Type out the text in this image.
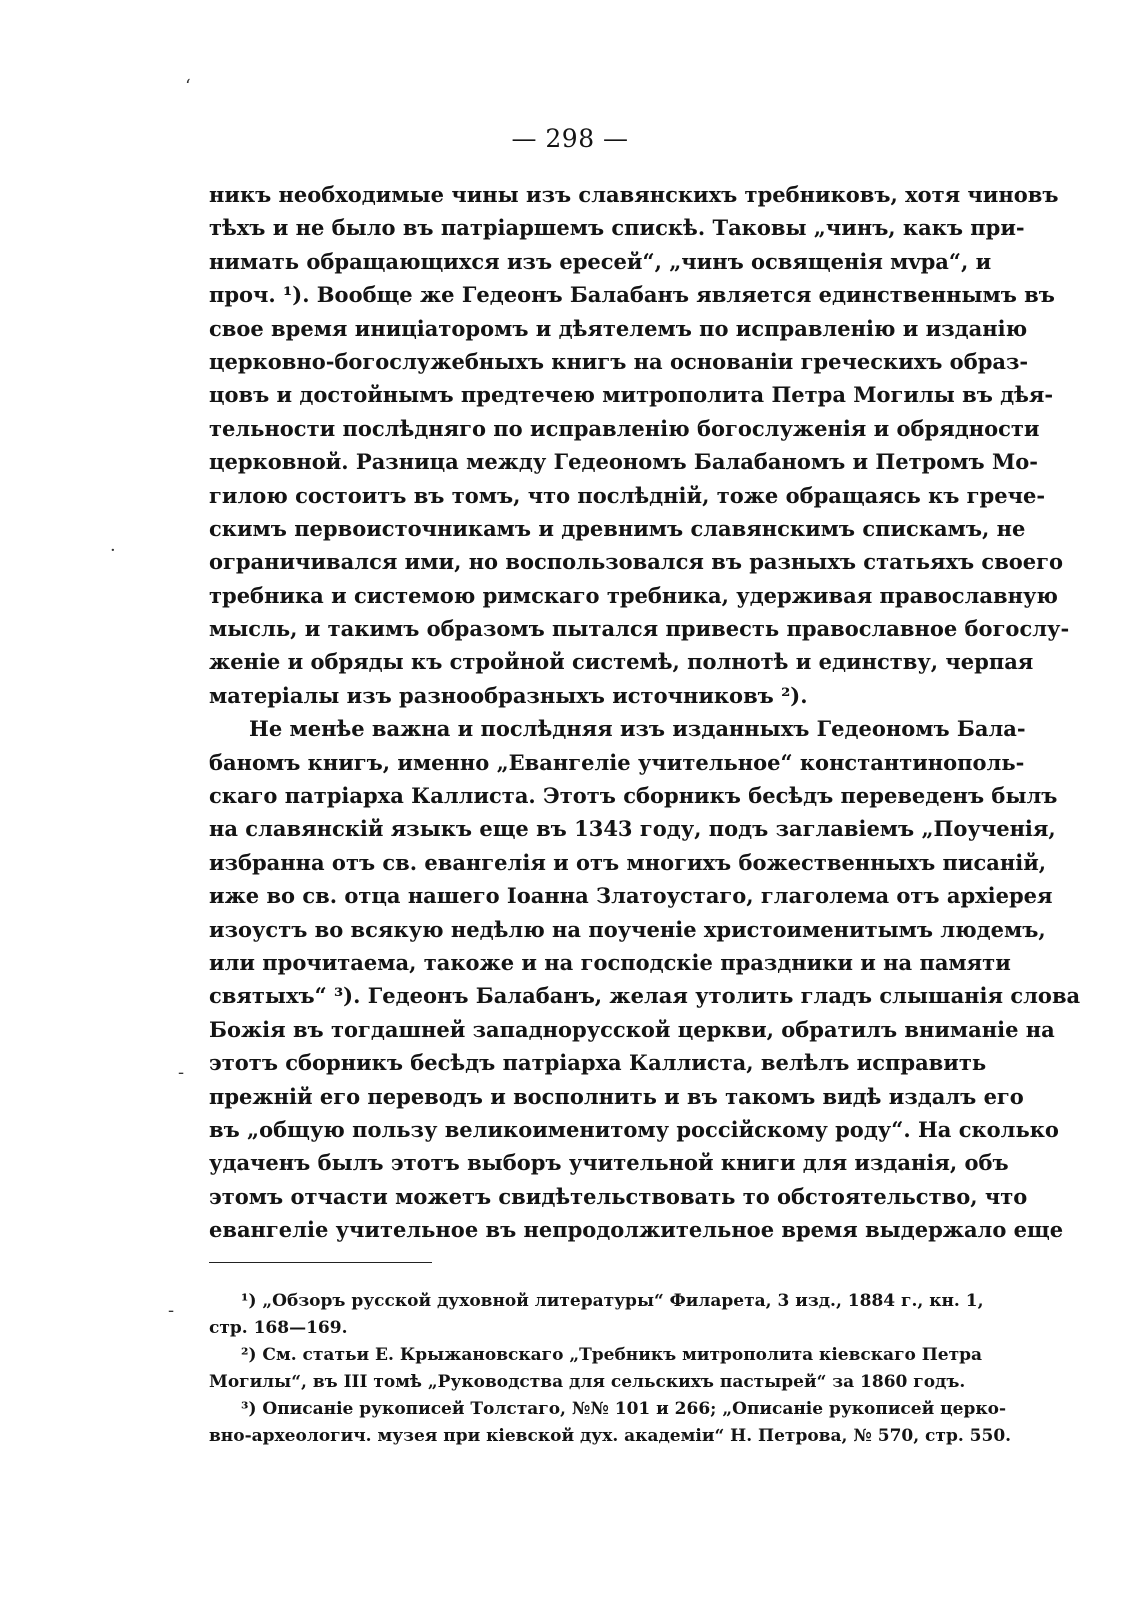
— 298 —
никъ необходимые чины изъ славянскихъ требниковъ, хотя чиновъ
тѣхъ и не было въ патріаршемъ спискѣ. Таковы „чинъ, какъ при-
нимать обращающихся изъ ересей“, „чинъ освященія мvра“, и
проч. ¹). Вообще же Гедеонъ Балабанъ является единственнымъ въ
свое время иниціаторомъ и дѣятелемъ по исправленію и изданію
церковно-богослужебныхъ книгъ на основаніи греческихъ образ-
цовъ и достойнымъ предтечею митрополита Петра Могилы въ дѣя-
тельности послѣдняго по исправленію богослуженія и обрядности
церковной. Разница между Гедеономъ Балабаномъ и Петромъ Мо-
гилою состоитъ въ томъ, что послѣдній, тоже обращаясь къ грече-
скимъ первоисточникамъ и древнимъ славянскимъ спискамъ, не
ограничивался ими, но воспользовался въ разныхъ статьяхъ своего
требника и системою римскаго требника, удерживая православную
мысль, и такимъ образомъ пытался привесть православное богослу-
женіе и обряды къ стройной системѣ, полнотѣ и единству, черпая
матеріалы изъ разнообразныхъ источниковъ ²).
Не менѣе важна и послѣдняя изъ изданныхъ Гедеономъ Бала-
баномъ книгъ, именно „Евангеліе учительное“ константинополь-
скаго патріарха Каллиста. Этотъ сборникъ бесѣдъ переведенъ былъ
на славянскій языкъ еще въ 1343 году, подъ заглавіемъ „Поученія,
избранна отъ св. евангелія и отъ многихъ божественныхъ писаній,
иже во св. отца нашего Іоанна Златоустаго, глаголема отъ архіерея
изоустъ во всякую недѣлю на поученіе христоименитымъ людемъ,
или прочитаема, такоже и на господскіе праздники и на памяти
святыхъ“ ³). Гедеонъ Балабанъ, желая утолить гладъ слышанія слова
Божія въ тогдашней западнорусской церкви, обратилъ вниманіе на
этотъ сборникъ бесѣдъ патріарха Каллиста, велѣлъ исправить
прежній его переводъ и восполнить и въ такомъ видѣ издалъ его
въ „общую пользу великоименитому россійскому роду“. На сколько
удаченъ былъ этотъ выборъ учительной книги для изданія, объ
этомъ отчасти можетъ свидѣтельствовать то обстоятельство, что
евангеліе учительное въ непродолжительное время выдержало еще
¹) „Обзоръ русской духовной литературы“ Филарета, 3 изд., 1884 г., кн. 1,
стр. 168—169.
²) См. статьи Е. Крыжановскаго „Требникъ митрополита кіевскаго Петра
Могилы“, въ III томѣ „Руководства для сельскихъ пастырей“ за 1860 годъ.
³) Описаніе рукописей Толстаго, №№ 101 и 266; „Описаніе рукописей церко-
вно-археологич. музея при кіевской дух. академіи“ Н. Петрова, № 570, стр. 550.
ʻ
·
-
-
